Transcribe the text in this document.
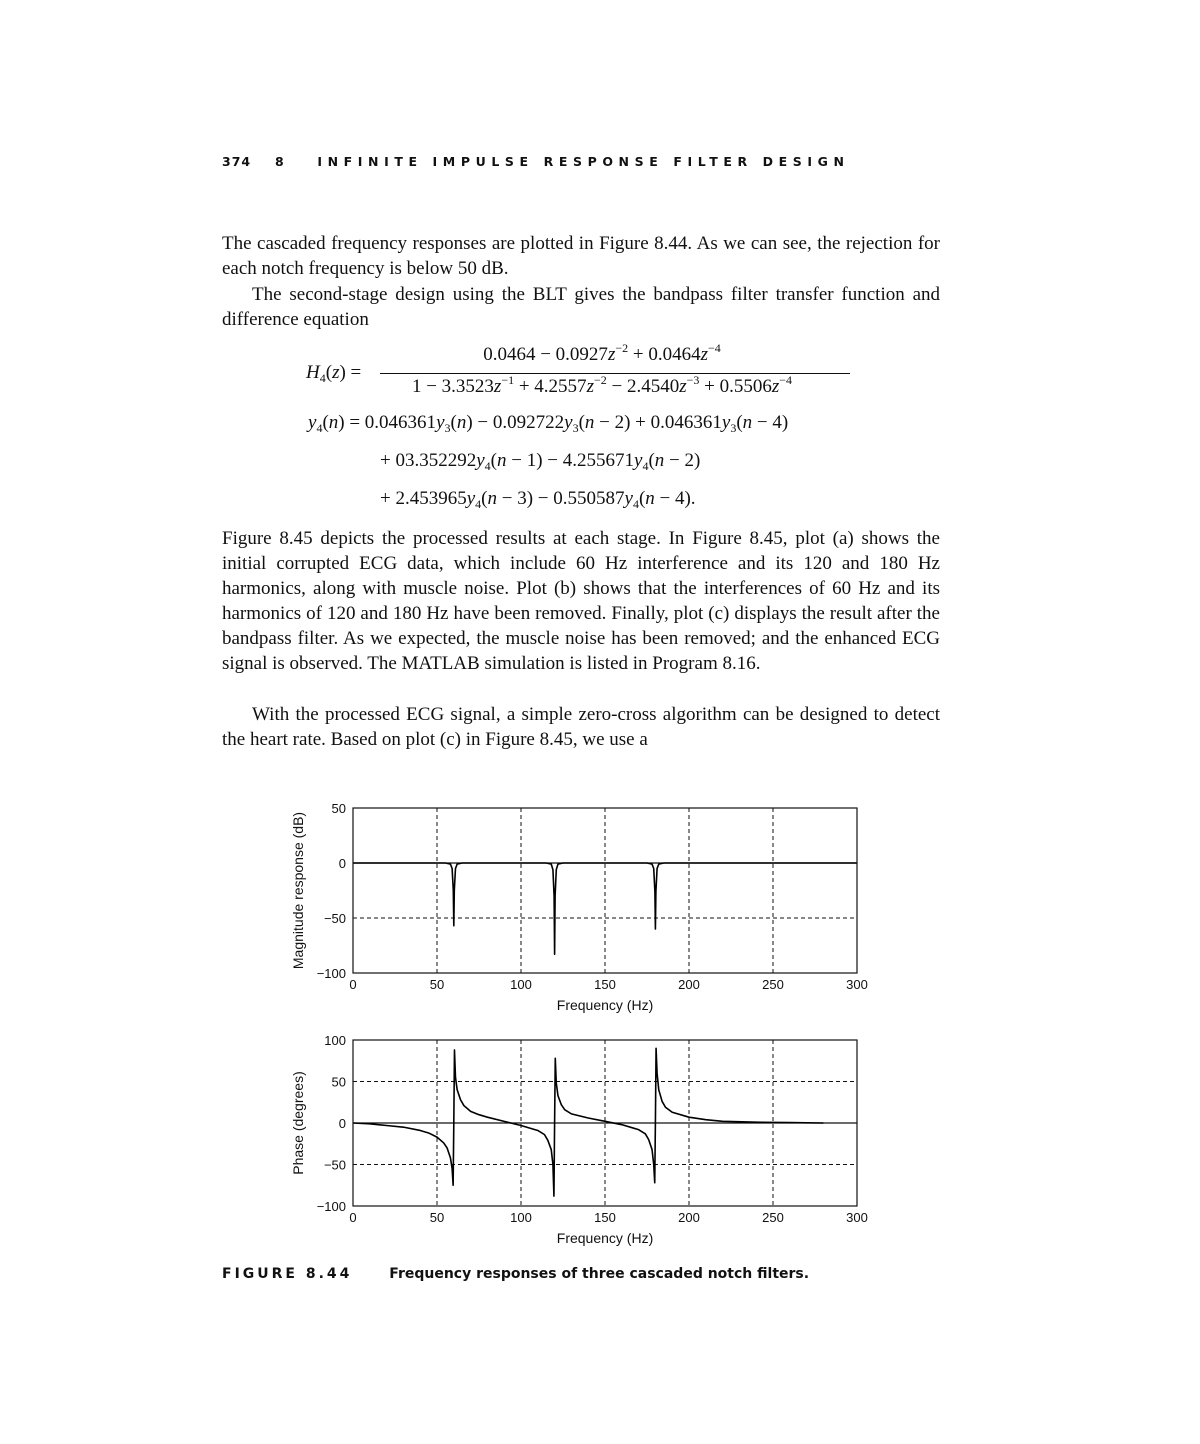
374 8 INFINITE IMPULSE RESPONSE FILTER DESIGN

The cascaded frequency responses are plotted in Figure 8.44. As we can see, the rejection for each notch frequency is below 50 dB.

The second-stage design using the BLT gives the bandpass filter transfer function and difference equation

$H_4(z)$ =
$0.0464 - 0.0927z^{-2} + 0.0464z^{-4}$
$1 - 3.3523z^{-1} + 4.2557z^{-2} - 2.4540z^{-3} + 0.5506z^{-4}$
$y_4(n) = 0.046361y_3(n) - 0.092722y_3(n - 2) + 0.046361y_3(n - 4)$
+ $03.352292y_4(n - 1) - 4.255671y_4(n - 2)$
+ $2.453965y_4(n - 3) - 0.550587y_4(n - 4)$.

Figure 8.45 depicts the processed results at each stage. In Figure 8.45, plot (a) shows the initial corrupted ECG data, which include 60 Hz interference and its 120 and 180 Hz harmonics, along with muscle noise. Plot (b) shows that the interferences of 60 Hz and its harmonics of 120 and 180 Hz have been removed. Finally, plot (c) displays the result after the bandpass filter. As we expected, the muscle noise has been removed; and the enhanced ECG signal is observed. The MATLAB simulation is listed in Program 8.16.

With the processed ECG signal, a simple zero-cross algorithm can be designed to detect the heart rate. Based on plot (c) in Figure 8.45, we use a

0	50	100	150	200	250	300
−100
−50
0
50
Frequency (Hz)
Magnitude response (dB)
0	50	100	150	200	250	300
−100
−50
0
50
100
Frequency (Hz)
Phase (degrees)
FIGURE 8.44	Frequency responses of three cascaded notch filters.
